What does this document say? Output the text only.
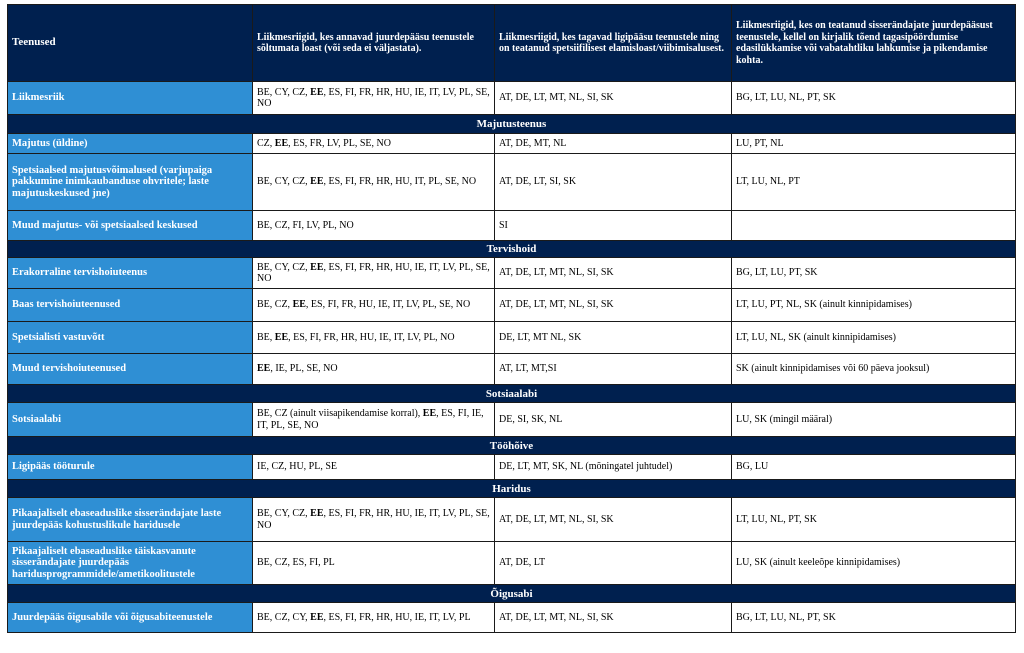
Teenused	Liikmesriigid, kes annavad juurdepääsu teenustele sõltumata loast (või seda ei väljastata).	Liikmesriigid, kes tagavad ligipääsu teenustele ning on teatanud spetsiifilisest elamisloast/viibimisalusest.	Liikmesriigid, kes on teatanud sisserändajate juurdepääsust teenustele, kellel on kirjalik tõend tagasipöördumise edasilükkamise või vabatahtliku lahkumise ja pikendamise kohta.
Liikmesriik	BE, CY, CZ, EE, ES, FI, FR, HR, HU, IE, IT, LV, PL, SE, NO	AT, DE, LT, MT, NL, SI, SK	BG, LT, LU, NL, PT, SK
Majutusteenus			
Majutus (üldine)	CZ, EE, ES, FR, LV, PL, SE, NO	AT, DE, MT, NL	LU, PT, NL
Spetsiaalsed majutusvõimalused (varjupaiga pakkumine inimkaubanduse ohvritele; laste majutuskeskused jne)	BE, CY, CZ, EE, ES, FI, FR, HR, HU, IT, PL, SE, NO	AT, DE, LT, SI, SK	LT, LU, NL, PT
Muud majutus- või spetsiaalsed keskused	BE, CZ, FI, LV, PL, NO	SI	
Tervishoid			
Erakorraline tervishoiuteenus	BE, CY, CZ, EE, ES, FI, FR, HR, HU, IE, IT, LV, PL, SE, NO	AT, DE, LT, MT, NL, SI, SK	BG, LT, LU, PT, SK
Baas tervishoiuteenused	BE, CZ, EE, ES, FI, FR, HU, IE, IT, LV, PL, SE, NO	AT, DE, LT, MT, NL, SI, SK	LT, LU, PT, NL, SK (ainult kinnipidamises)
Spetsialisti vastuvõtt	BE, EE, ES, FI, FR, HR, HU, IE, IT, LV, PL, NO	DE, LT, MT NL, SK	LT, LU, NL, SK (ainult kinnipidamises)
Muud tervishoiuteenused	EE, IE, PL, SE, NO	AT, LT, MT,SI	SK (ainult kinnipidamises või 60 päeva jooksul)
Sotsiaalabi			
Sotsiaalabi	BE, CZ (ainult viisapikendamise korral), EE, ES, FI, IE, IT, PL, SE, NO	DE, SI, SK, NL	LU, SK (mingil määral)
Tööhõive			
Ligipääs tööturule	IE, CZ, HU, PL, SE	DE, LT, MT, SK, NL (mõningatel juhtudel)	BG, LU
Haridus			
Pikaajaliselt ebaseaduslike sisserändajate laste juurdepääs kohustuslikule haridusele	BE, CY, CZ, EE, ES, FI, FR, HR, HU, IE, IT, LV, PL, SE, NO	AT, DE, LT, MT, NL, SI, SK	LT, LU, NL, PT, SK
Pikaajaliselt ebaseaduslike täiskasvanute sisserändajate juurdepääs haridusprogrammidele/ametikoolitustele	BE, CZ, ES, FI, PL	AT, DE, LT	LU, SK (ainult keeleõpe kinnipidamises)
Õigusabi			
Juurdepääs õigusabile või õigusabiteenustele	BE, CZ, CY, EE, ES, FI, FR, HR, HU, IE, IT, LV, PL	AT, DE, LT, MT, NL, SI, SK	BG, LT, LU, NL, PT, SK
